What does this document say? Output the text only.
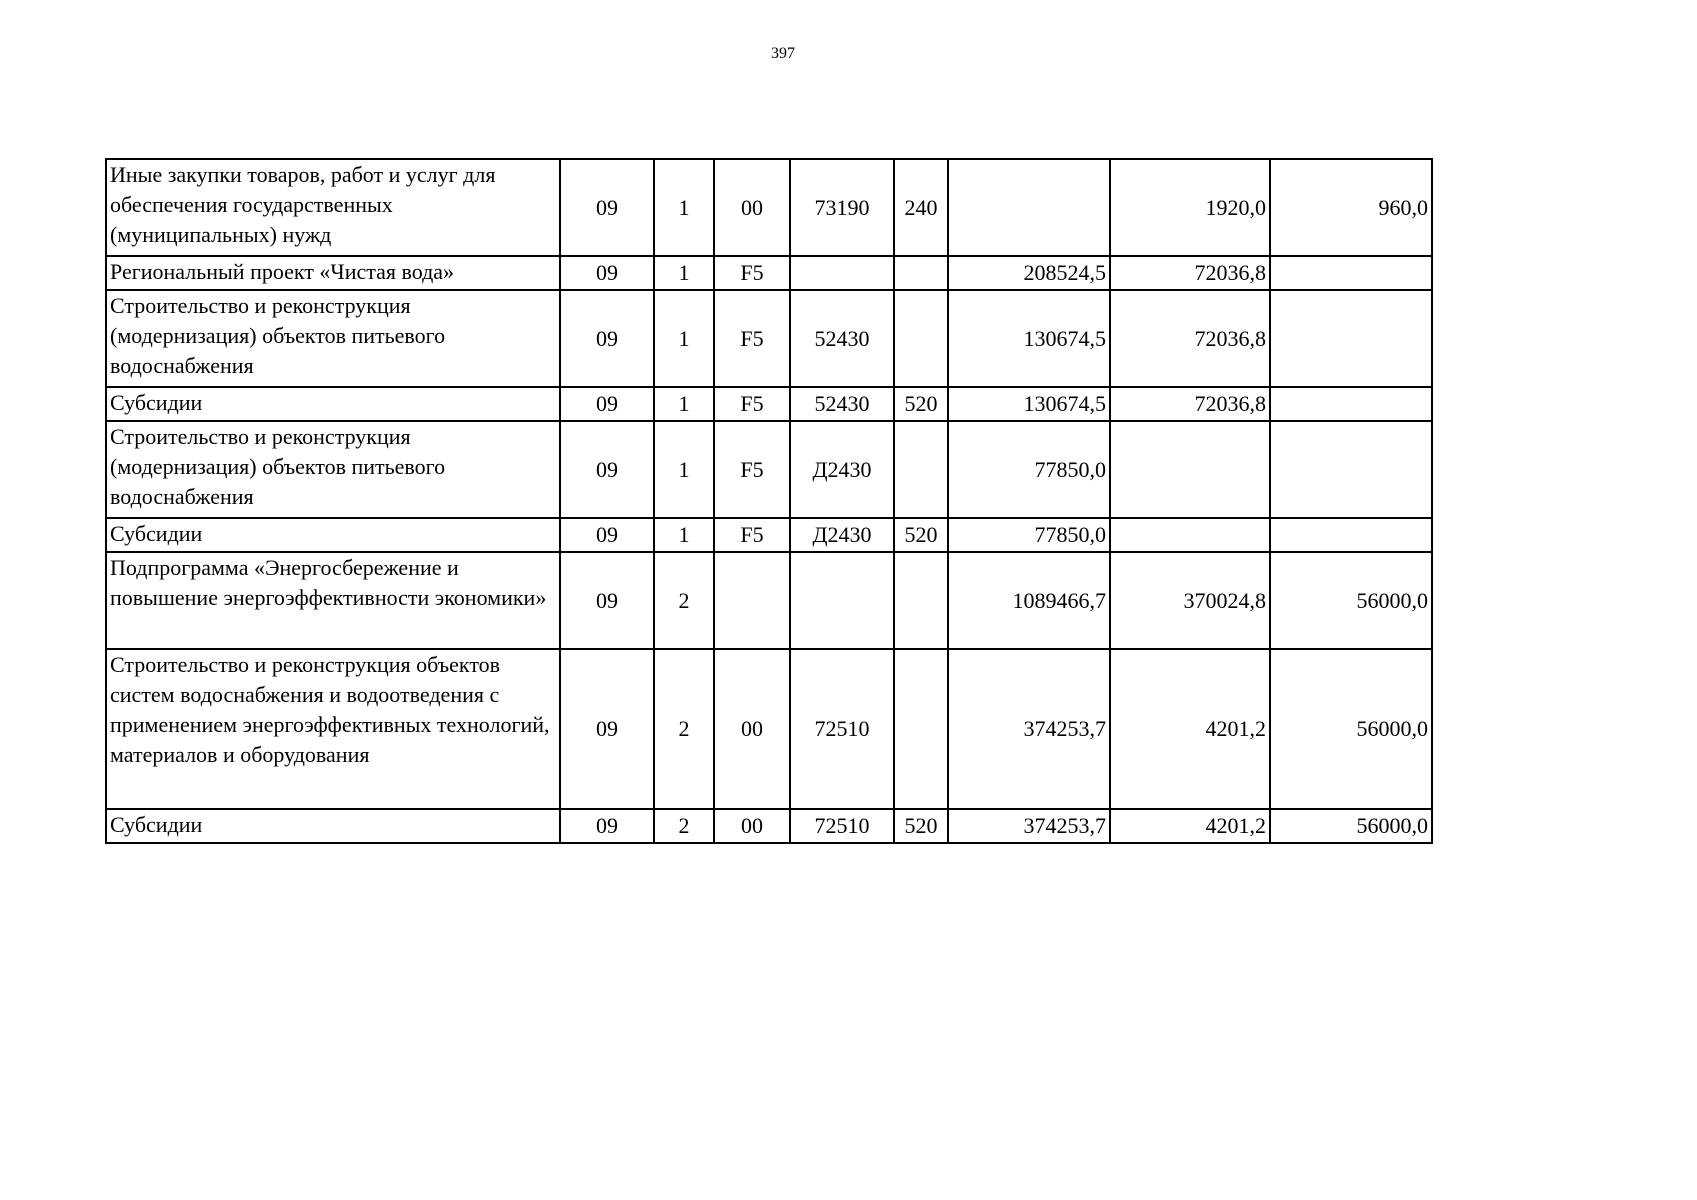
397
Иные закупки товаров, работ и услуг для обеспечения государственных (муниципальных) нужд	09	1	00	73190	240		1920,0	960,0
Региональный проект «Чистая вода»	09	1	F5			208524,5	72036,8	
Строительство и реконструкция (модернизация) объектов питьевого водоснабжения	09	1	F5	52430		130674,5	72036,8	
Субсидии	09	1	F5	52430	520	130674,5	72036,8	
Строительство и реконструкция (модернизация) объектов питьевого водоснабжения	09	1	F5	Д2430		77850,0		
Субсидии	09	1	F5	Д2430	520	77850,0		
Подпрограмма «Энергосбережение и повышение энергоэффективности экономики»	09	2				1089466,7	370024,8	56000,0
Строительство и реконструкция объектов систем водоснабжения и водоотведения с применением энергоэффективных технологий, материалов и оборудования	09	2	00	72510		374253,7	4201,2	56000,0
Субсидии	09	2	00	72510	520	374253,7	4201,2	56000,0
